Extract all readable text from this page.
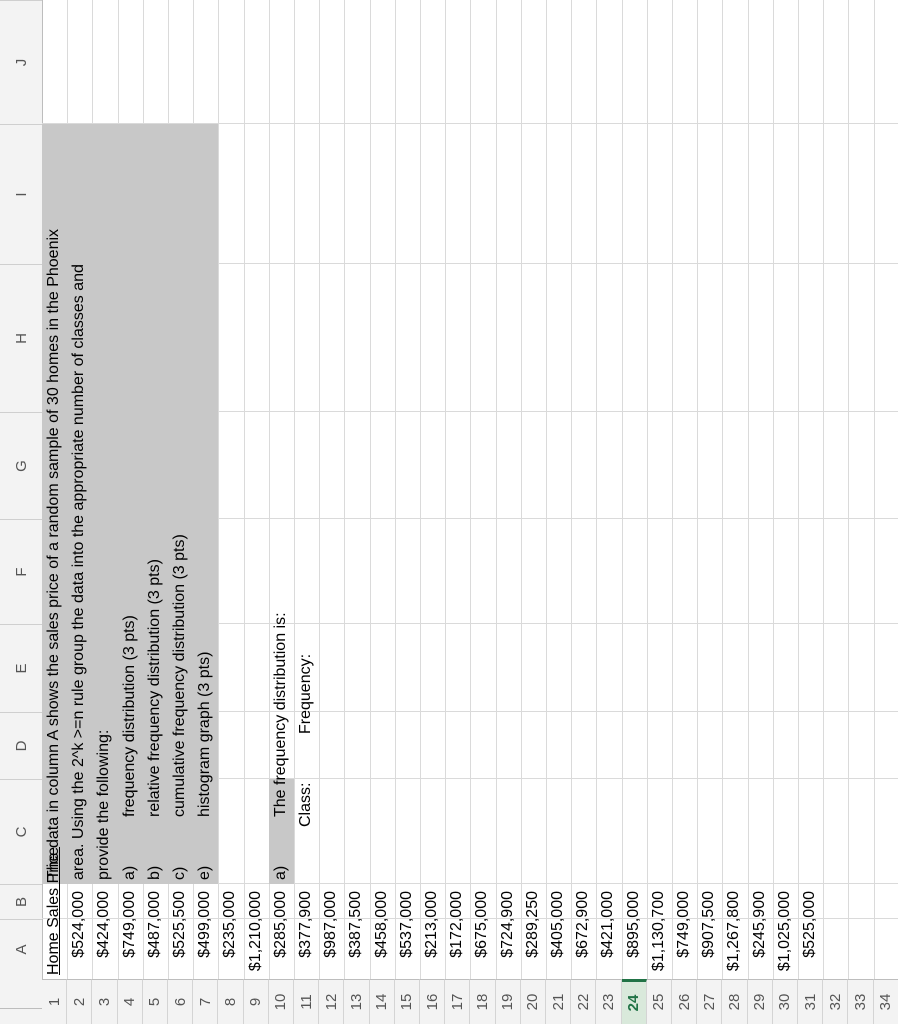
A
B
C
D
E
F
G
H
I
J
1 2 3 4 5 6 7 8 9 10 11 12 13 14 15 16 17 18 19 20 21 22 23 24 25 26 27 28 29 30 31 32 33 34
Home Sales Price $524,000 $424,000 $749,000 $487,000 $525,500 $499,000 $235,000 $1,210,000 $285,000 $377,900 $987,000 $387,500 $458,000 $537,000 $213,000 $172,000 $675,000 $724,900 $289,250 $405,000 $672,900 $421,000 $895,000 $1,130,700 $749,000 $907,500 $1,267,800 $245,900 $1,025,000 $525,000
The data in column A shows the sales price of a random sample of 30 homes in the Phoenix area. Using the 2^k >=n rule group the data into the appropriate number of classes and provide the following: a)
frequency distribution (3 pts)
b)
relative frequency distribution (3 pts)
c)
cumulative frequency distribution (3 pts)
e)
histogram graph (3 pts)
a)
The frequency distribution is: Class:
Frequency:
